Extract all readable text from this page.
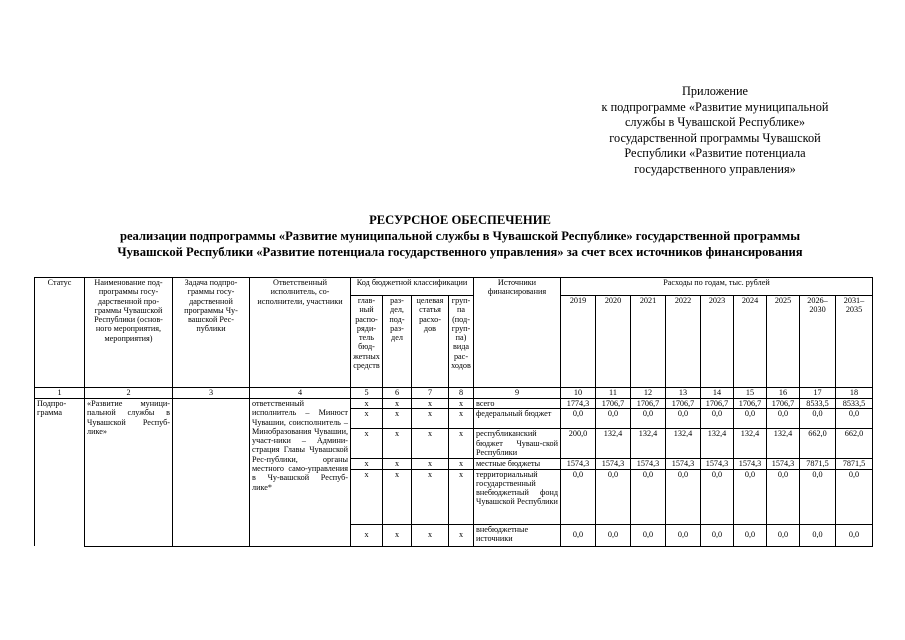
Приложение
к подпрограмме «Развитие муниципальной
службы в Чувашской Республике»
государственной программы Чувашской
Республики «Развитие потенциала
государственного управления»
РЕСУРСНОЕ ОБЕСПЕЧЕНИЕ
реализации подпрограммы «Развитие муниципальной службы в Чувашской Республике» государственной программы
Чувашской Республики «Развитие потенциала государственного управления» за счет всех источников финансирования
Статус	Наименование под-программы госу-дарственной про-граммы Чувашской Республики (основ-ного мероприятия, мероприятия)	Задача подпро-граммы госу-дарственной программы Чу-вашской Рес-публики	Ответственный исполнитель, со-исполнители, участники	Код бюджетной классификации				Источники финансирования	Расходы по годам, тыс. рублей								
				глав-ный распо-ряди-тель бюд-жетных средств	раз-дел, под-раз-дел	целевая статья расхо-дов	груп-па (под-груп-па) вида рас-ходов		2019	2020	2021	2022	2023	2024	2025	2026–2030	2031–2035
1	2	3	4	5	6	7	8	9	10	11	12	13	14	15	16	17	18
Подпро-грамма	«Развитие муници-пальной службы в Чувашской Респуб-лике»		ответственный исполнитель – Минюст Чувашии, соисполнитель – Минобразования Чувашии, участ-ники – Админи-страция Главы Чувашской Рес-публики, органы местного само-управления в Чу-вашской Респуб-лике*	x	x	x	x	всего	1774,3	1706,7	1706,7	1706,7	1706,7	1706,7	1706,7	8533,5	8533,5
				x	x	x	x	федеральный бюджет	0,0	0,0	0,0	0,0	0,0	0,0	0,0	0,0	0,0
				x	x	x	x	республиканский бюджет Чуваш-ской Республики	200,0	132,4	132,4	132,4	132,4	132,4	132,4	662,0	662,0
				x	x	x	x	местные бюджеты	1574,3	1574,3	1574,3	1574,3	1574,3	1574,3	1574,3	7871,5	7871,5
				x	x	x	x	территориальный государственный внебюджетный фонд Чувашской Республики	0,0	0,0	0,0	0,0	0,0	0,0	0,0	0,0	0,0
				x	x	x	x	внебюджетные источники	0,0	0,0	0,0	0,0	0,0	0,0	0,0	0,0	0,0
